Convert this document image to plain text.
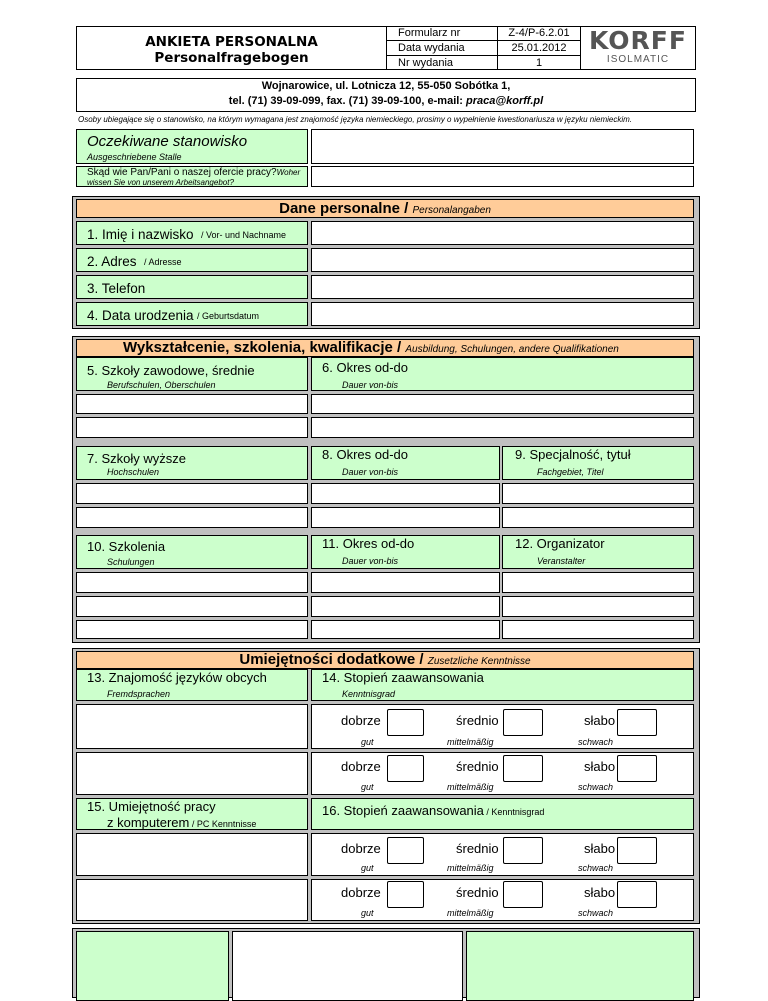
ANKIETA PERSONALNA
Personalfragebogen
Formularz nr
Data wydania
Nr wydania
Z-4/P-6.2.01
25.01.2012
1
KORFF
ISOLMATIC
Wojnarowice, ul. Lotnicza 12, 55-050 Sobótka 1,
tel. (71) 39-09-099, fax. (71) 39-09-100, e-mail: praca@korff.pl
Osoby ubiegające się o stanowisko, na którym wymagana jest znajomość języka niemieckiego, prosimy o wypełnienie kwestionariusza w języku niemieckim.
Oczekiwane stanowisko
Ausgeschriebene Stalle
Skąd wie Pan/Pani o naszej ofercie pracy?Woher
wissen Sie von unserem Arbeitsangebot?
Dane personalne / Personalangaben
1. Imię i nazwisko / Vor- und Nachname
2. Adres / Adresse
3. Telefon
4. Data urodzenia / Geburtsdatum
Wykształcenie, szkolenia, kwalifikacje / Ausbildung, Schulungen, andere Qualifikationen
5. Szkoły zawodowe, średnie
Berufschulen, Oberschulen
6. Okres od-do
Dauer von-bis
7. Szkoły wyższe
Hochschulen
8. Okres od-do
Dauer von-bis
9. Specjalność, tytuł
Fachgebiet, Titel
10. Szkolenia
Schulungen
11. Okres od-do
Dauer von-bis
12. Organizator
Veranstalter
Umiejętności dodatkowe / Zusetzliche Kenntnisse
13. Znajomość języków obcych
Fremdsprachen
14. Stopień zaawansowania
Kenntnisgrad
dobrze
gut
średnio
mittelmäßig
słabo
schwach
dobrze
gut
średnio
mittelmäßig
słabo
schwach
15. Umiejętność pracy
z komputerem / PC Kenntnisse
16. Stopień zaawansowania / Kenntnisgrad
dobrze
gut
średnio
mittelmäßig
słabo
schwach
dobrze
gut
średnio
mittelmäßig
słabo
schwach
